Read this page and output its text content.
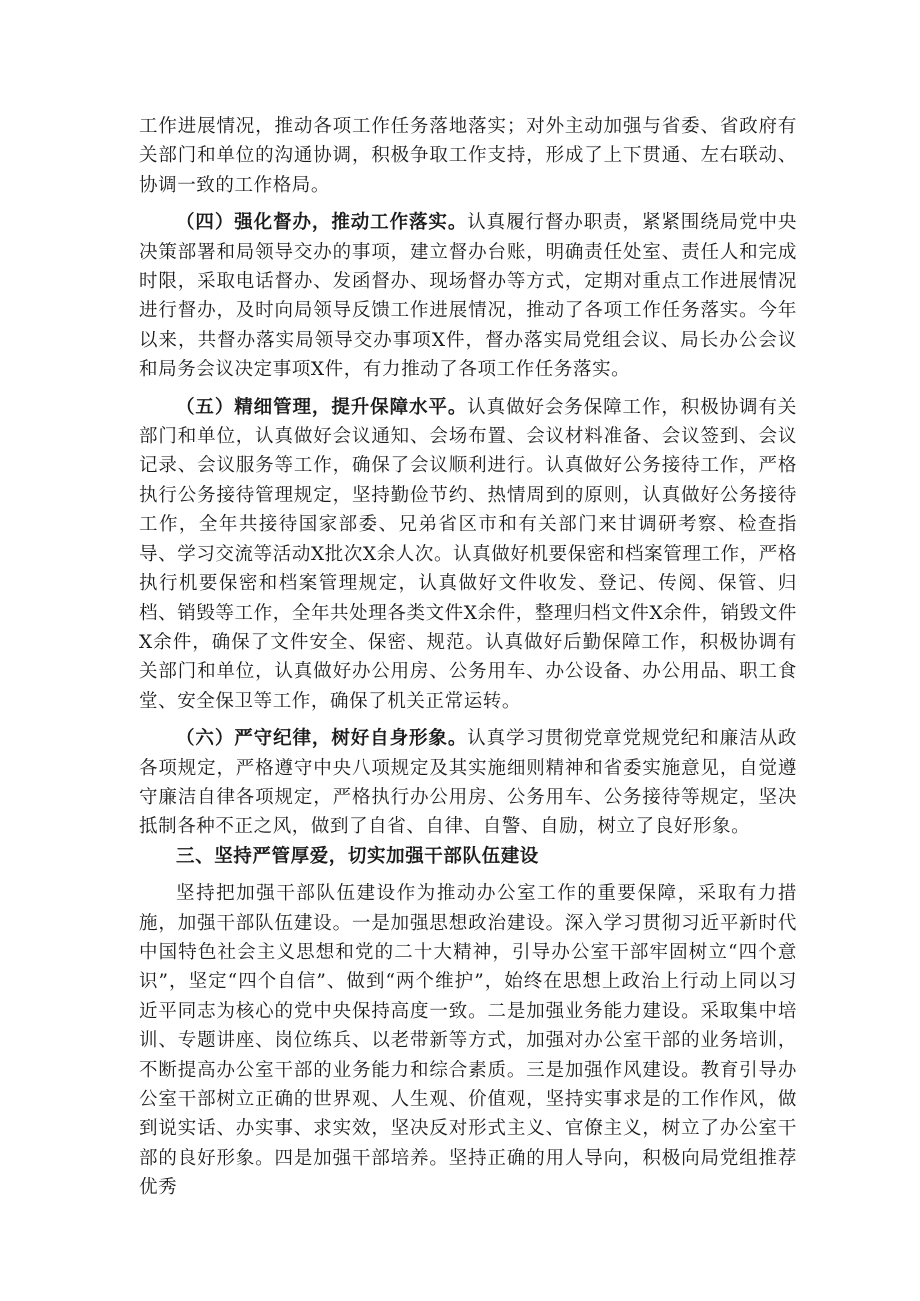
工作进展情况，推动各项工作任务落地落实；对外主动加强与省委、省政府有关部门和单位的沟通协调，积极争取工作支持，形成了上下贯通、左右联动、协调一致的工作格局。

（四）强化督办，推动工作落实。认真履行督办职责，紧紧围绕局党中央决策部署和局领导交办的事项，建立督办台账，明确责任处室、责任人和完成时限，采取电话督办、发函督办、现场督办等方式，定期对重点工作进展情况进行督办，及时向局领导反馈工作进展情况，推动了各项工作任务落实。今年以来，共督办落实局领导交办事项X件，督办落实局党组会议、局长办公会议和局务会议决定事项X件，有力推动了各项工作任务落实。

（五）精细管理，提升保障水平。认真做好会务保障工作，积极协调有关部门和单位，认真做好会议通知、会场布置、会议材料准备、会议签到、会议记录、会议服务等工作，确保了会议顺利进行。认真做好公务接待工作，严格执行公务接待管理规定，坚持勤俭节约、热情周到的原则，认真做好公务接待工作，全年共接待国家部委、兄弟省区市和有关部门来甘调研考察、检查指导、学习交流等活动X批次X余人次。认真做好机要保密和档案管理工作，严格执行机要保密和档案管理规定，认真做好文件收发、登记、传阅、保管、归档、销毁等工作，全年共处理各类文件X余件，整理归档文件X余件，销毁文件X余件，确保了文件安全、保密、规范。认真做好后勤保障工作，积极协调有关部门和单位，认真做好办公用房、公务用车、办公设备、办公用品、职工食堂、安全保卫等工作，确保了机关正常运转。

（六）严守纪律，树好自身形象。认真学习贯彻党章党规党纪和廉洁从政各项规定，严格遵守中央八项规定及其实施细则精神和省委实施意见，自觉遵守廉洁自律各项规定，严格执行办公用房、公务用车、公务接待等规定，坚决抵制各种不正之风，做到了自省、自律、自警、自励，树立了良好形象。

三、坚持严管厚爱，切实加强干部队伍建设

坚持把加强干部队伍建设作为推动办公室工作的重要保障，采取有力措施，加强干部队伍建设。一是加强思想政治建设。深入学习贯彻习近平新时代中国特色社会主义思想和党的二十大精神，引导办公室干部牢固树立“四个意识”，坚定“四个自信”、做到“两个维护”，始终在思想上政治上行动上同以习近平同志为核心的党中央保持高度一致。二是加强业务能力建设。采取集中培训、专题讲座、岗位练兵、以老带新等方式，加强对办公室干部的业务培训，不断提高办公室干部的业务能力和综合素质。三是加强作风建设。教育引导办公室干部树立正确的世界观、人生观、价值观，坚持实事求是的工作作风，做到说实话、办实事、求实效，坚决反对形式主义、官僚主义，树立了办公室干部的良好形象。四是加强干部培养。坚持正确的用人导向，积极向局党组推荐优秀
